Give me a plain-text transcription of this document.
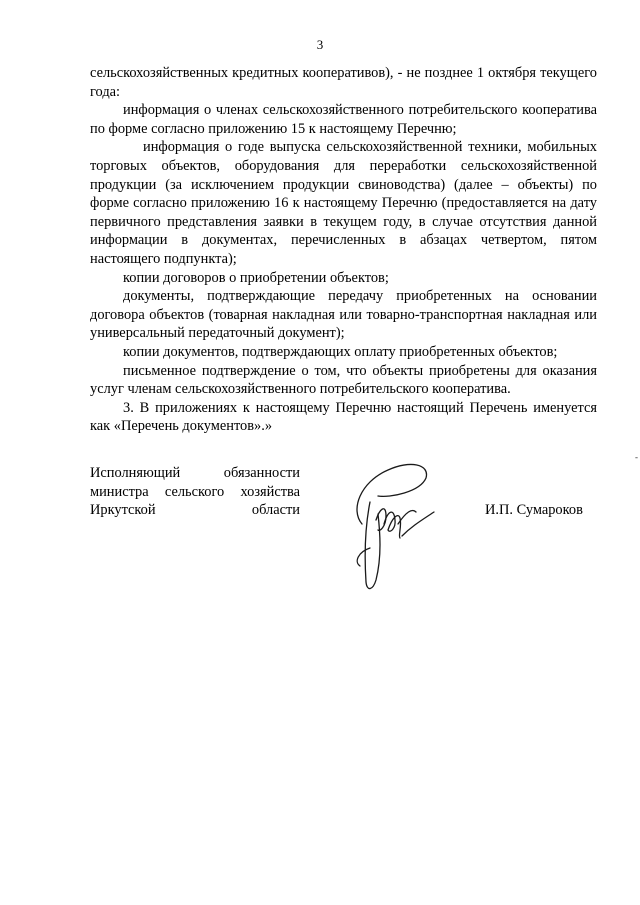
3

сельскохозяйственных кредитных кооперативов), - не позднее 1 октября текущего года:

информация о членах сельскохозяйственного потребительского кооператива по форме согласно приложению 15 к настоящему Перечню;

информация о годе выпуска сельскохозяйственной техники, мобильных торговых объектов, оборудования для переработки сельскохозяйственной продукции (за исключением продукции свиноводства) (далее – объекты) по форме согласно приложению 16 к настоящему Перечню (предоставляется на дату первичного представления заявки в текущем году, в случае отсутствия данной информации в документах, перечисленных в абзацах четвертом, пятом настоящего подпункта);

копии договоров о приобретении объектов;

документы, подтверждающие передачу приобретенных на основании договора объектов (товарная накладная или товарно-транспортная накладная или универсальный передаточный документ);

копии документов, подтверждающих оплату приобретенных объектов;

письменное подтверждение о том, что объекты приобретены для оказания услуг членам сельскохозяйственного потребительского кооператива.

3. В приложениях к настоящему Перечню настоящий Перечень именуется как «Перечень документов».»

Исполняющий обязанности
министра сельского хозяйства
Иркутской области	И.П. Сумароков
-
